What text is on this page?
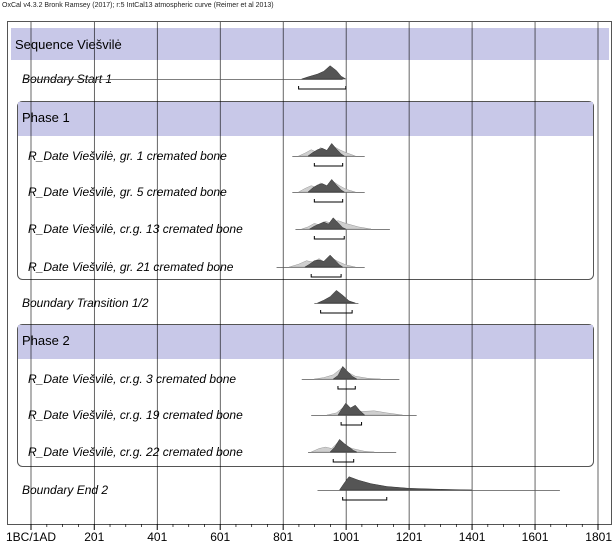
OxCal v4.3.2 Bronk Ramsey (2017); r:5 IntCal13 atmospheric curve (Reimer et al 2013)
Sequence Viešvilė
Phase 1
Phase 2
Boundary Start 1
R_Date Viešvilė, gr. 1 cremated bone
R_Date Viešvilė, gr. 5 cremated bone
R_Date Viešvilė, cr.g. 13 cremated bone
R_Date Viešvilė, gr. 21 cremated bone
Boundary Transition 1/2
R_Date Viešvilė, cr.g. 3 cremated bone
R_Date Viešvilė, cr.g. 19 cremated bone
R_Date Viešvilė, cr.g. 22 cremated bone
Boundary End 2
1BC/1AD 201	401	601	801	1001	1201	1401	1601	1801
